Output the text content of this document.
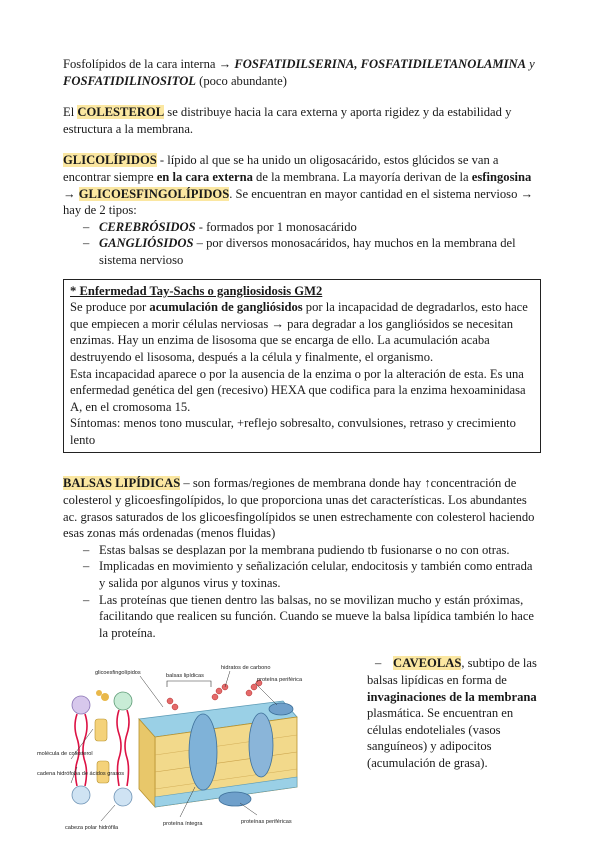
Fosfolípidos de la cara interna → FOSFATIDILSERINA, FOSFATIDILETANOLAMINA y FOSFATIDILINOSITOL (poco abundante)

El COLESTEROL se distribuye hacia la cara externa y aporta rigidez y da estabilidad y estructura a la membrana.

GLICOLÍPIDOS - lípido al que se ha unido un oligosacárido, estos glúcidos se van a encontrar siempre en la cara externa de la membrana. La mayoría derivan de la esfingosina → GLICOESFINGOLÍPIDOS. Se encuentran en mayor cantidad en el sistema nervioso → hay de 2 tipos:

– CEREBRÓSIDOS - formados por 1 monosacárido
– GANGLIÓSIDOS – por diversos monosacáridos, hay muchos en la membrana del sistema nervioso

* Enfermedad Tay-Sachs o gangliosidosis GM2

Se produce por acumulación de gangliósidos por la incapacidad de degradarlos, esto hace que empiecen a morir células nerviosas → para degradar a los gangliósidos se necesitan enzimas. Hay un enzima de lisosoma que se encarga de ello. La acumulación acaba destruyendo el lisosoma, después a la célula y finalmente, el organismo.

Esta incapacidad aparece o por la ausencia de la enzima o por la alteración de esta. Es una enfermedad genética del gen (recesivo) HEXA que codifica para la enzima hexoaminidasa A, en el cromosoma 15.

Síntomas: menos tono muscular, +reflejo sobresalto, convulsiones, retraso y crecimiento lento

BALSAS LIPÍDICAS – son formas/regiones de membrana donde hay ↑concentración de colesterol y glicoesfingolípidos, lo que proporciona unas det características. Los abundantes ac. grasos saturados de los glicoesfingolípidos se unen estrechamente con colesterol haciendo esas zonas más ordenadas (menos fluidas)

– Estas balsas se desplazan por la membrana pudiendo tb fusionarse o no con otras.
– Implicadas en movimiento y señalización celular, endocitosis y también como entrada y salida por algunos virus y toxinas.
– Las proteínas que tienen dentro las balsas, no se movilizan mucho y están próximas, facilitando que realicen su función. Cuando se mueve la balsa lipídica también lo hace la proteína.
balsas lipídicas
glicoesfingolípidos
hidratos de carbono
proteína periférica
molécula de colesterol
cadena hidrófoba de ácidos grasos
proteína íntegra	proteínas periféricas
cabeza polar hidrófila

– CAVEOLAS, subtipo de las balsas lipídicas en forma de invaginaciones de la membrana plasmática. Se encuentran en células endoteliales (vasos sanguíneos) y adipocitos (acumulación de grasa).
